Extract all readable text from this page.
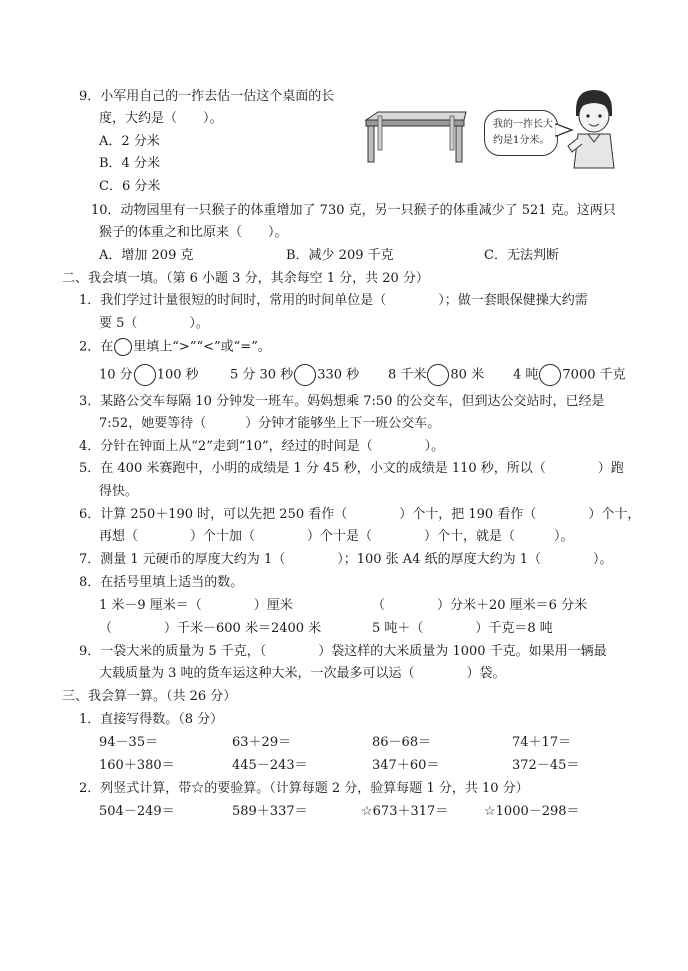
9．小军用自己的一拃去估一估这个桌面的长
度，大约是（　　）。
A．2 分米
B．4 分米
C．6 分米
我的一拃长大约是1分米。
10．动物园里有一只猴子的体重增加了 730 克，另一只猴子的体重减少了 521 克。这两只
猴子的体重之和比原来（　　）。
A．增加 209 克	B．减少 209 千克	C．无法判断
二、我会填一填。（第 6 小题 3 分，其余每空 1 分，共 20 分）
1．我们学过计量很短的时间时，常用的时间单位是（　　　　）；做一套眼保健操大约需
要 5（　　　　）。
2．在 里填上“>”“<”或“=”。
10 分 100 秒 5 分 30 秒 330 秒 8 千米 80 米 4 吨 7000 千克
3．某路公交车每隔 10 分钟发一班车。妈妈想乘 7:50 的公交车，但到达公交站时，已经是
7:52，她要等待（　　　）分钟才能够坐上下一班公交车。
4．分针在钟面上从“2”走到“10”，经过的时间是（　　　　）。
5．在 400 米赛跑中，小明的成绩是 1 分 45 秒，小文的成绩是 110 秒，所以（　　　　）跑
得快。
6．计算 250＋190 时，可以先把 250 看作（　　　　）个十，把 190 看作（　　　　）个十，
再想（　　　　）个十加（　　　　）个十是（　　　　）个十，就是（　　　）。
7．测量 1 元硬币的厚度大约为 1（　　　　）；100 张 A4 纸的厚度大约为 1（　　　　）。
8．在括号里填上适当的数。
1 米－9 厘米＝（　　　　）厘米	（　　　　）分米＋20 厘米＝6 分米
（　　　　）千米－600 米＝2400 米	5 吨＋（　　　　）千克＝8 吨
9．一袋大米的质量为 5 千克，（　　　　）袋这样的大米质量为 1000 千克。如果用一辆最
大载质量为 3 吨的货车运这种大米，一次最多可以运（　　　　）袋。
三、我会算一算。（共 26 分）
1．直接写得数。（8 分）
94－35＝	63＋29＝	86－68＝	74＋17＝
160＋380＝	445－243＝	347＋60＝	372－45＝
2．列竖式计算，带☆的要验算。（计算每题 2 分，验算每题 1 分，共 10 分）
504－249＝	589＋337＝	☆673＋317＝	☆1000－298＝
